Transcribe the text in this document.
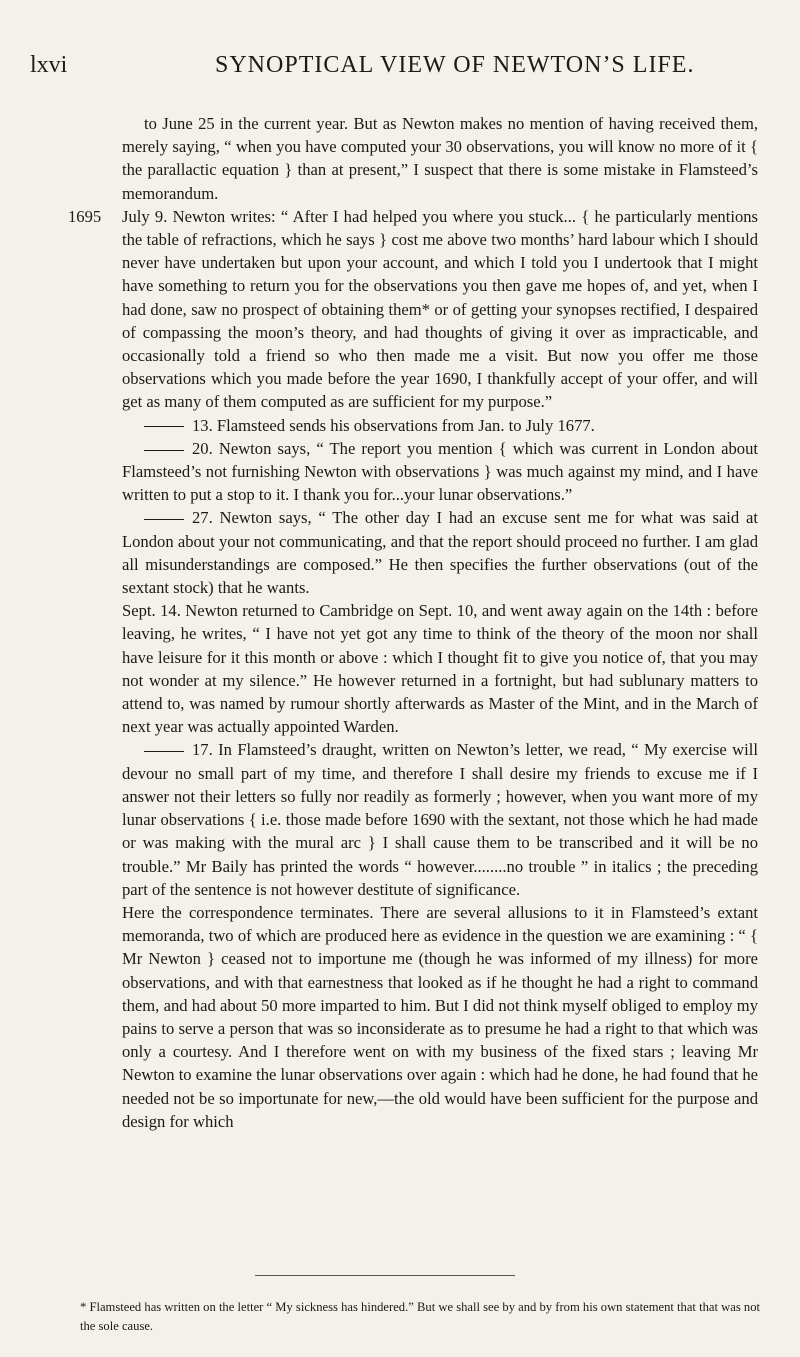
lxvi	SYNOPTICAL VIEW OF NEWTON’S LIFE.

to June 25 in the current year. But as Newton makes no mention of having received them, merely saying, “ when you have computed your 30 observations, you will know no more of it { the parallactic equation } than at present,” I suspect that there is some mistake in Flamsteed’s memorandum.

1695 July 9. Newton writes: “ After I had helped you where you stuck... { he particularly mentions the table of refractions, which he says } cost me above two months’ hard labour which I should never have undertaken but upon your account, and which I told you I undertook that I might have something to return you for the observations you then gave me hopes of, and yet, when I had done, saw no prospect of obtaining them* or of getting your synopses rectified, I despaired of compassing the moon’s theory, and had thoughts of giving it over as impracticable, and occasionally told a friend so who then made me a visit. But now you offer me those observations which you made before the year 1690, I thankfully accept of your offer, and will get as many of them computed as are sufficient for my purpose.”

13. Flamsteed sends his observations from Jan. to July 1677.

20. Newton says, “ The report you mention { which was current in London about Flamsteed’s not furnishing Newton with observations } was much against my mind, and I have written to put a stop to it. I thank you for...your lunar observations.”

27. Newton says, “ The other day I had an excuse sent me for what was said at London about your not communicating, and that the report should proceed no further. I am glad all misunderstandings are composed.” He then specifies the further observations (out of the sextant stock) that he wants.

Sept. 14. Newton returned to Cambridge on Sept. 10, and went away again on the 14th : before leaving, he writes, “ I have not yet got any time to think of the theory of the moon nor shall have leisure for it this month or above : which I thought fit to give you notice of, that you may not wonder at my silence.” He however returned in a fortnight, but had sublunary matters to attend to, was named by rumour shortly afterwards as Master of the Mint, and in the March of next year was actually appointed Warden.

17. In Flamsteed’s draught, written on Newton’s letter, we read, “ My exercise will devour no small part of my time, and therefore I shall desire my friends to excuse me if I answer not their letters so fully nor readily as formerly ; however, when you want more of my lunar observations { i.e. those made before 1690 with the sextant, not those which he had made or was making with the mural arc } I shall cause them to be transcribed and it will be no trouble.” Mr Baily has printed the words “ however........no trouble ” in italics ; the preceding part of the sentence is not however destitute of significance.

Here the correspondence terminates. There are several allusions to it in Flamsteed’s extant memoranda, two of which are produced here as evidence in the question we are examining : “ { Mr Newton } ceased not to importune me (though he was informed of my illness) for more observations, and with that earnestness that looked as if he thought he had a right to command them, and had about 50 more imparted to him. But I did not think myself obliged to employ my pains to serve a person that was so inconsiderate as to presume he had a right to that which was only a courtesy. And I therefore went on with my business of the fixed stars ; leaving Mr Newton to examine the lunar observations over again : which had he done, he had found that he needed not be so importunate for new,—the old would have been sufficient for the purpose and design for which

* Flamsteed has written on the letter “ My sickness has hindered.” But we shall see by and by from his own statement that that was not the sole cause.
